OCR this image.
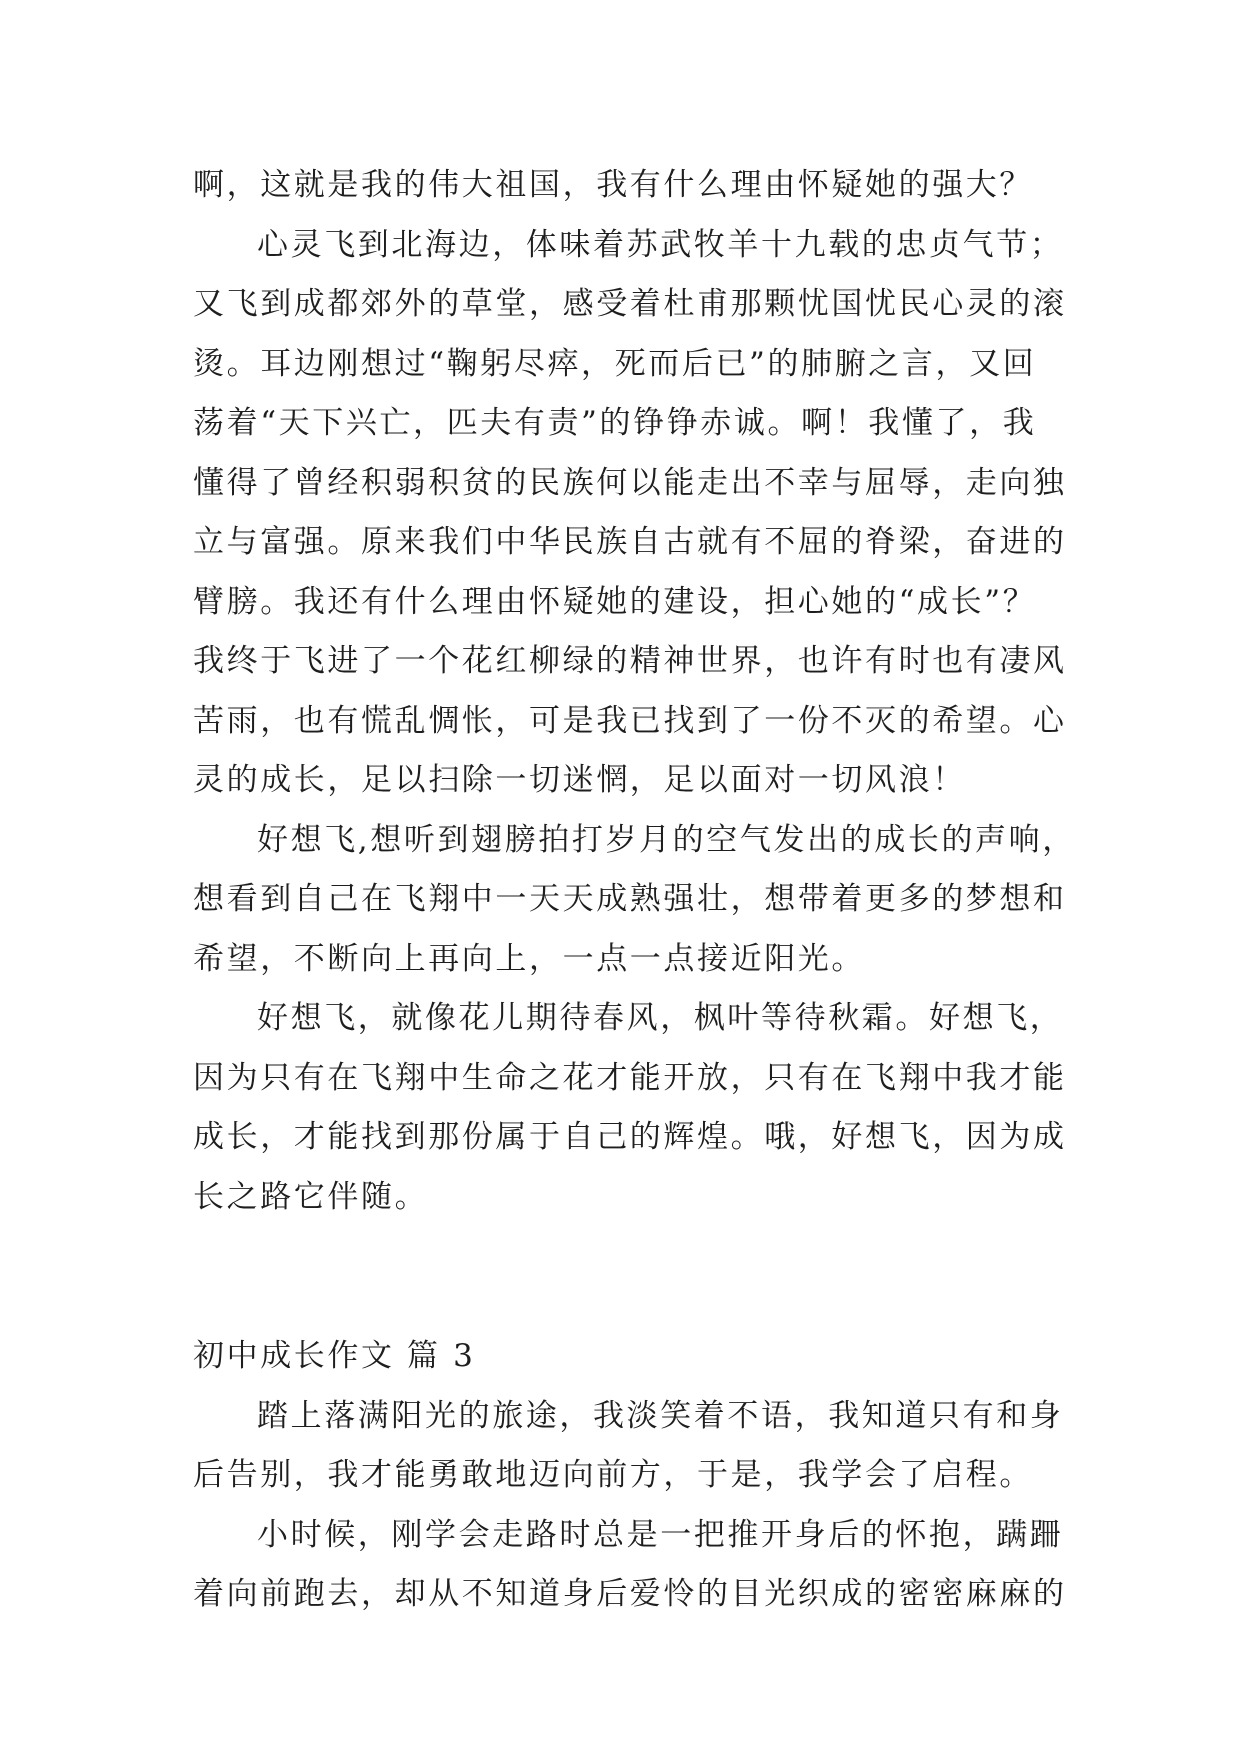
啊，这就是我的伟大祖国，我有什么理由怀疑她的强大？
心灵飞到北海边，体味着苏武牧羊十九载的忠贞气节；
又飞到成都郊外的草堂，感受着杜甫那颗忧国忧民心灵的滚
烫。耳边刚想过“鞠躬尽瘁，死而后已”的肺腑之言，又回
荡着“天下兴亡，匹夫有责”的铮铮赤诚。啊！我懂了，我
懂得了曾经积弱积贫的民族何以能走出不幸与屈辱，走向独
立与富强。原来我们中华民族自古就有不屈的脊梁，奋进的
臂膀。我还有什么理由怀疑她的建设，担心她的“成长”？
我终于飞进了一个花红柳绿的精神世界，也许有时也有凄风
苦雨，也有慌乱惆怅，可是我已找到了一份不灭的希望。心
灵的成长，足以扫除一切迷惘，足以面对一切风浪！
好想飞,想听到翅膀拍打岁月的空气发出的成长的声响，
想看到自己在飞翔中一天天成熟强壮，想带着更多的梦想和
希望，不断向上再向上，一点一点接近阳光。
好想飞，就像花儿期待春风，枫叶等待秋霜。好想飞，
因为只有在飞翔中生命之花才能开放，只有在飞翔中我才能
成长，才能找到那份属于自己的辉煌。哦，好想飞，因为成
长之路它伴随。
初中成长作文 篇 3
踏上落满阳光的旅途，我淡笑着不语，我知道只有和身
后告别，我才能勇敢地迈向前方，于是，我学会了启程。
小时候，刚学会走路时总是一把推开身后的怀抱，蹒跚
着向前跑去，却从不知道身后爱怜的目光织成的密密麻麻的
